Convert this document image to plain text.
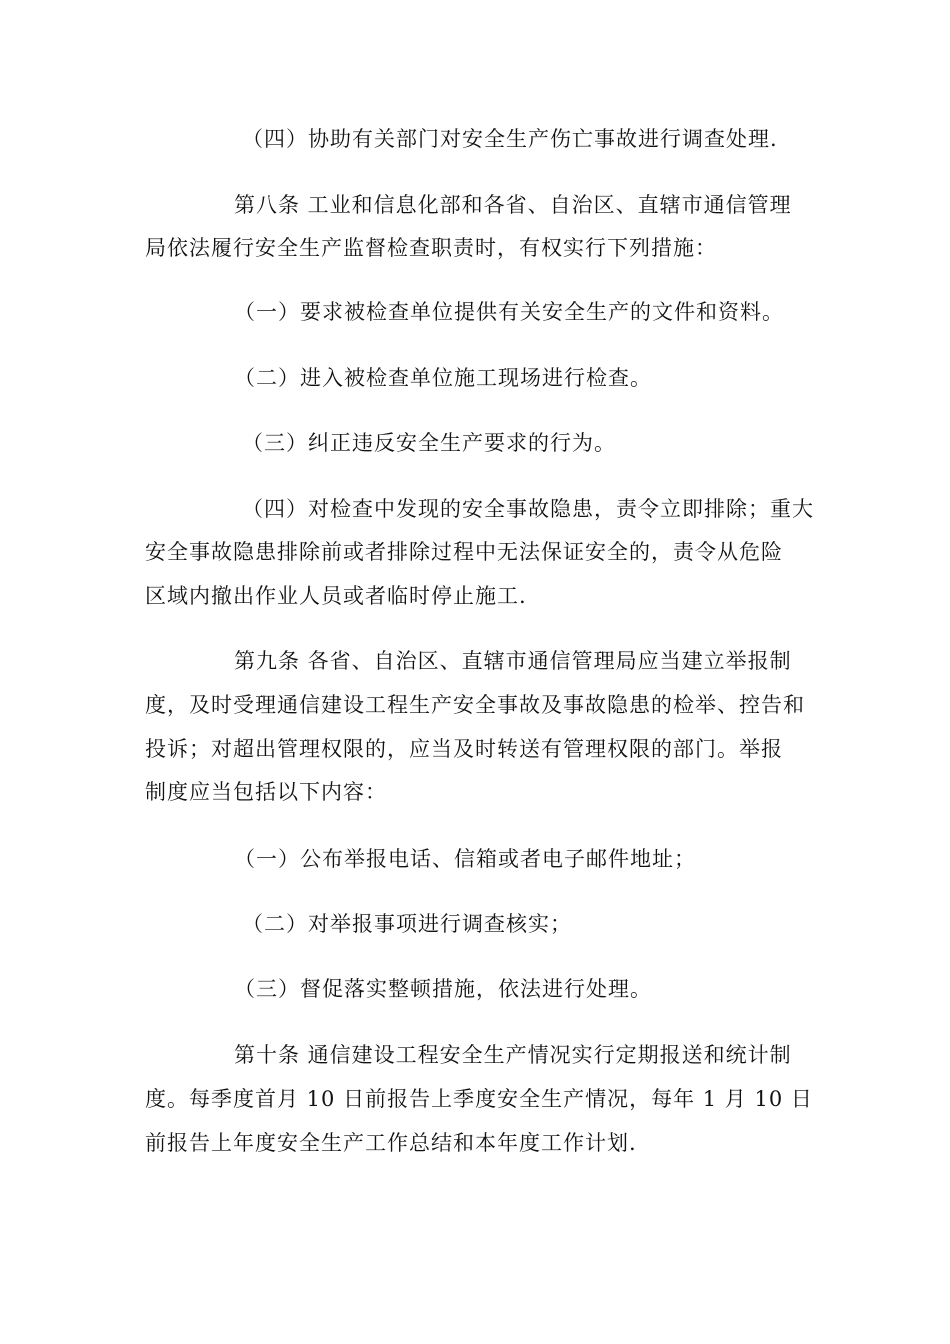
（四）协助有关部门对安全生产伤亡事故进行调查处理.
第八条 工业和信息化部和各省、自治区、直辖市通信管理
局依法履行安全生产监督检查职责时，有权实行下列措施：
（一）要求被检查单位提供有关安全生产的文件和资料。
（二）进入被检查单位施工现场进行检查。
（三）纠正违反安全生产要求的行为。
（四）对检查中发现的安全事故隐患，责令立即排除；重大
安全事故隐患排除前或者排除过程中无法保证安全的，责令从危险
区域内撤出作业人员或者临时停止施工.
第九条 各省、自治区、直辖市通信管理局应当建立举报制
度，及时受理通信建设工程生产安全事故及事故隐患的检举、控告和
投诉；对超出管理权限的，应当及时转送有管理权限的部门。举报
制度应当包括以下内容：
（一）公布举报电话、信箱或者电子邮件地址；
（二）对举报事项进行调查核实；
（三）督促落实整顿措施，依法进行处理。
第十条 通信建设工程安全生产情况实行定期报送和统计制
度。每季度首月 10 日前报告上季度安全生产情况，每年 1 月 10 日
前报告上年度安全生产工作总结和本年度工作计划.
